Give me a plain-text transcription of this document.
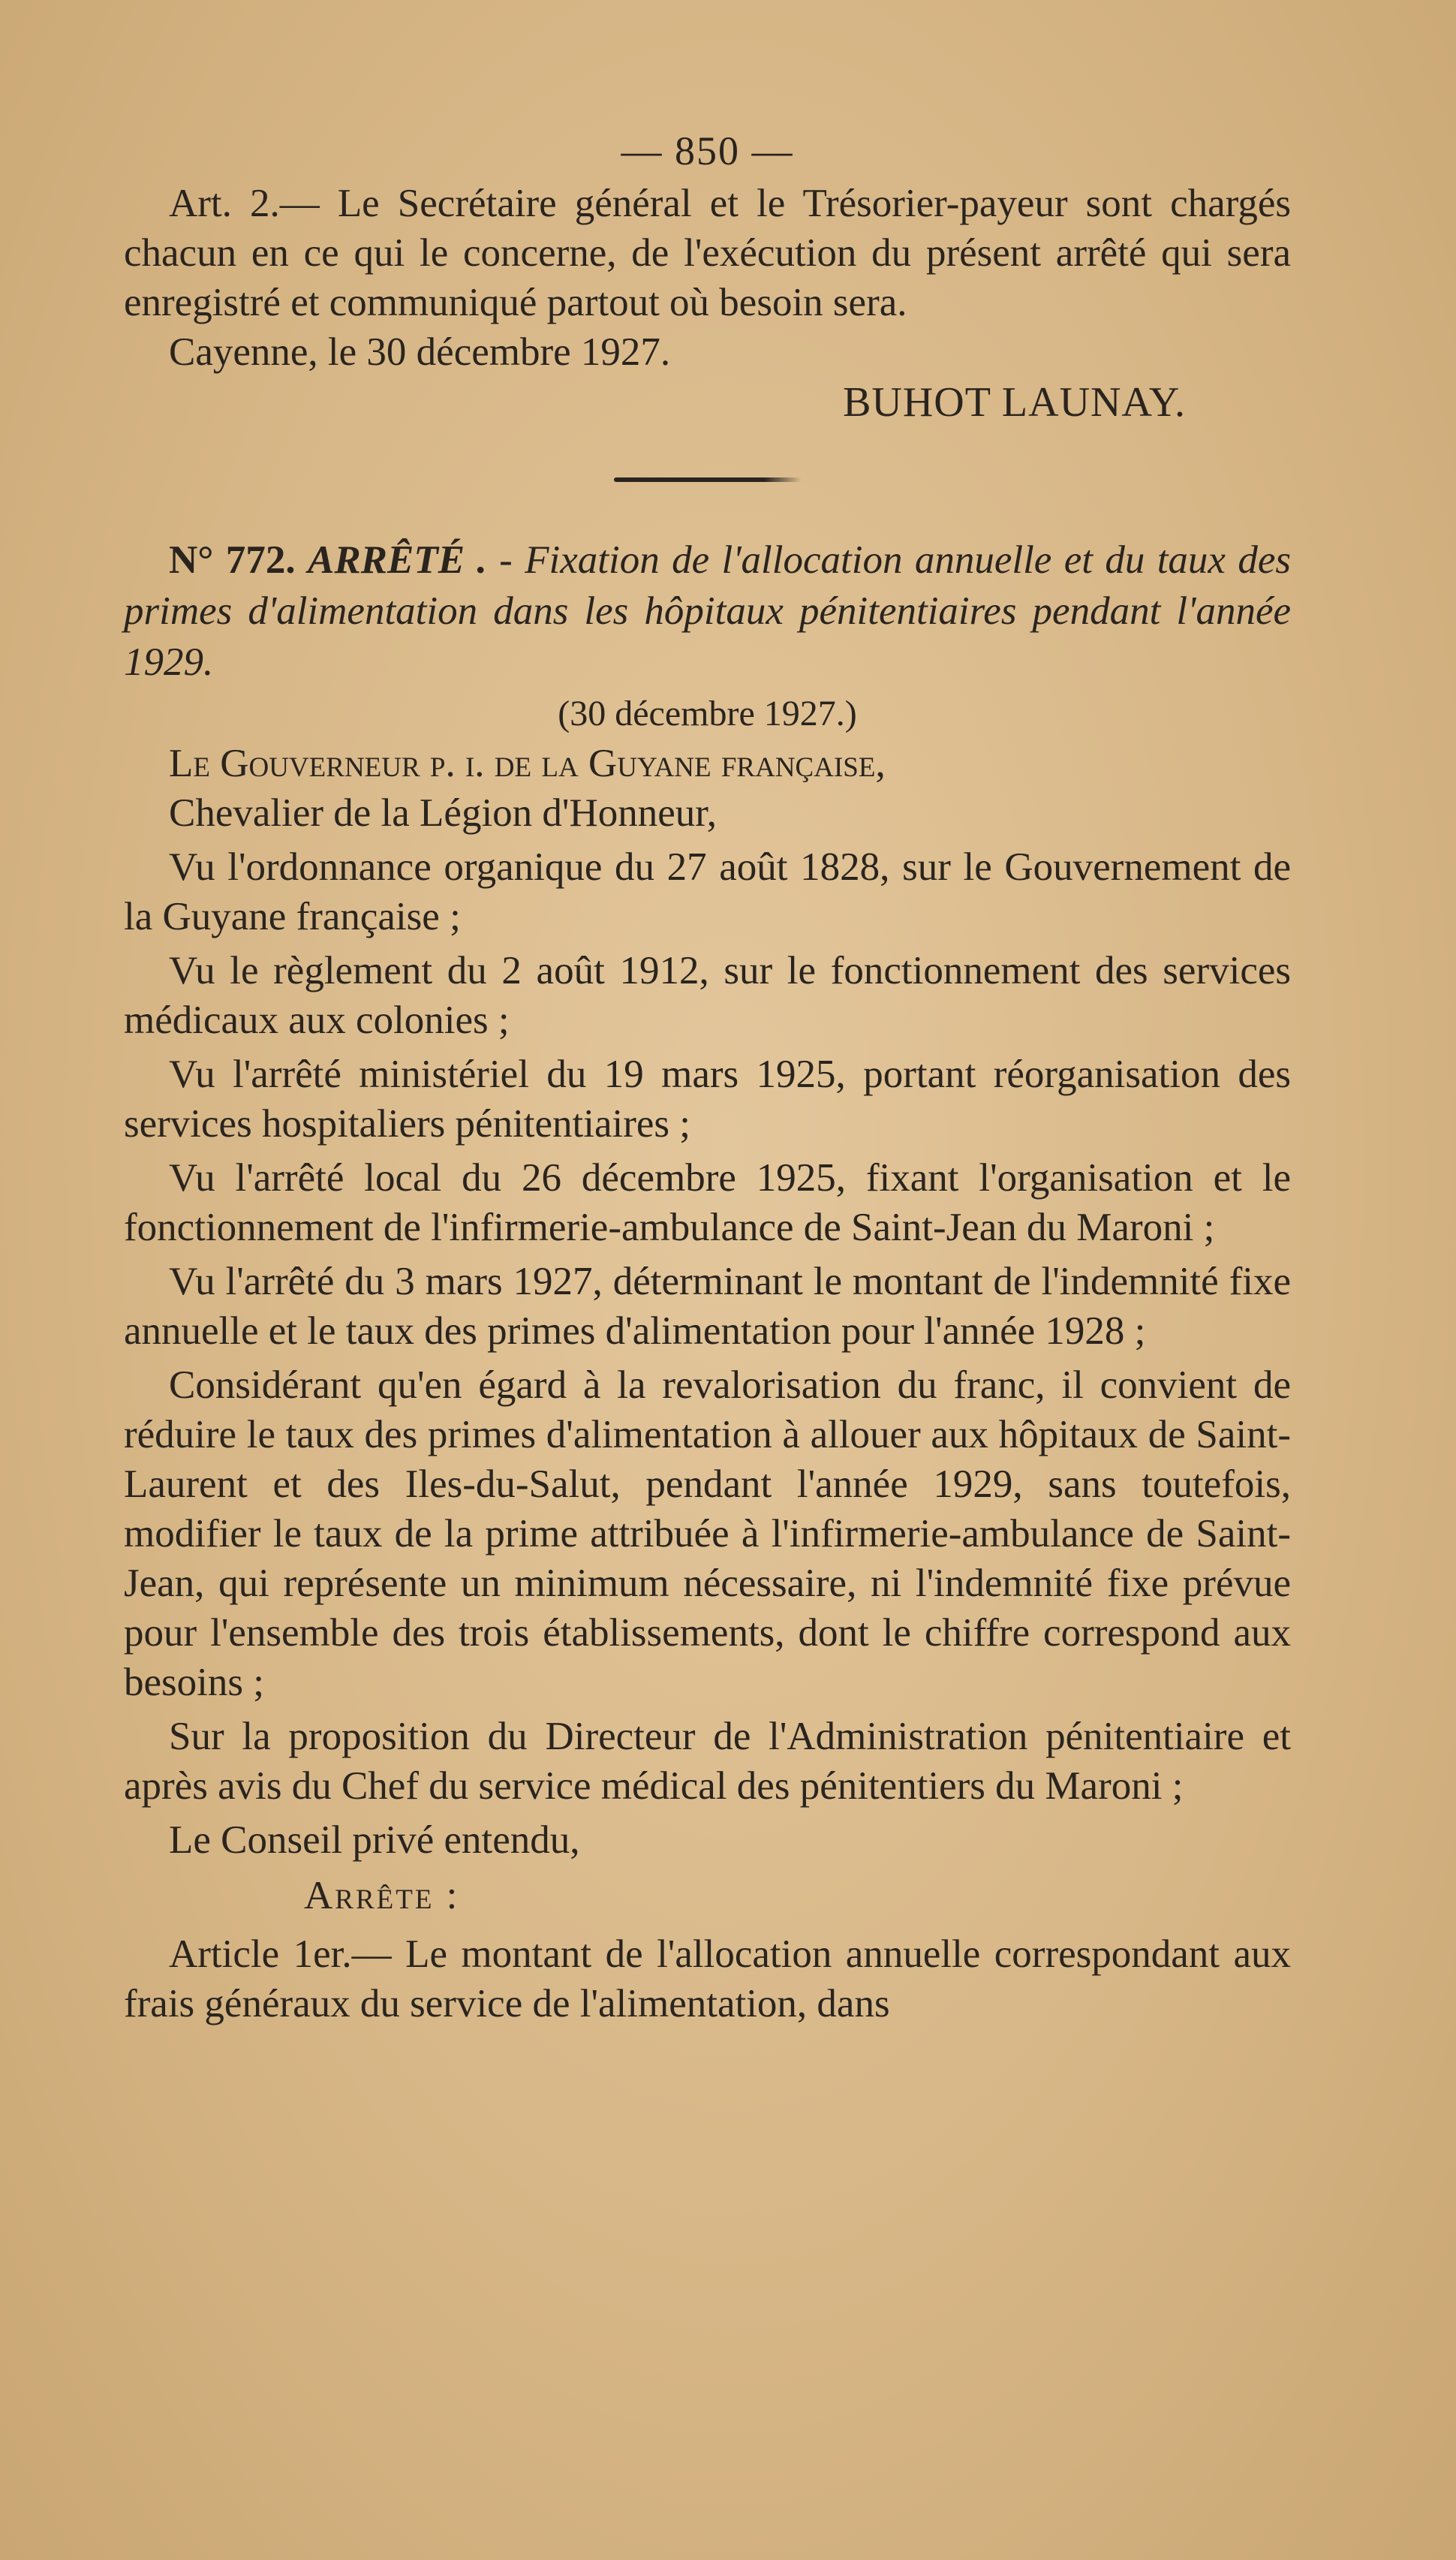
— 850 —

Art. 2.— Le Secrétaire général et le Trésorier-payeur sont chargés chacun en ce qui le concerne, de l'exécution du présent arrêté qui sera enregistré et communiqué partout où besoin sera.

Cayenne, le 30 décembre 1927.

BUHOT LAUNAY.

N° 772. ARRÊTÉ . - Fixation de l'allocation annuelle et du taux des primes d'alimentation dans les hôpitaux pénitentiaires pendant l'année 1929.

(30 décembre 1927.)

Le Gouverneur p. i. de la Guyane française,

Chevalier de la Légion d'Honneur,

Vu l'ordonnance organique du 27 août 1828, sur le Gouvernement de la Guyane française ;

Vu le règlement du 2 août 1912, sur le fonctionnement des services médicaux aux colonies ;

Vu l'arrêté ministériel du 19 mars 1925, portant réorganisation des services hospitaliers pénitentiaires ;

Vu l'arrêté local du 26 décembre 1925, fixant l'organisation et le fonctionnement de l'infirmerie-ambulance de Saint-Jean du Maroni ;

Vu l'arrêté du 3 mars 1927, déterminant le montant de l'indemnité fixe annuelle et le taux des primes d'alimentation pour l'année 1928 ;

Considérant qu'en égard à la revalorisation du franc, il convient de réduire le taux des primes d'alimentation à allouer aux hôpitaux de Saint-Laurent et des Iles-du-Salut, pendant l'année 1929, sans toutefois, modifier le taux de la prime attribuée à l'infirmerie-ambulance de Saint-Jean, qui représente un minimum nécessaire, ni l'indemnité fixe prévue pour l'ensemble des trois établissements, dont le chiffre correspond aux besoins ;

Sur la proposition du Directeur de l'Administration pénitentiaire et après avis du Chef du service médical des pénitentiers du Maroni ;

Le Conseil privé entendu,

Arrête :

Article 1er.— Le montant de l'allocation annuelle correspondant aux frais généraux du service de l'alimentation, dans
